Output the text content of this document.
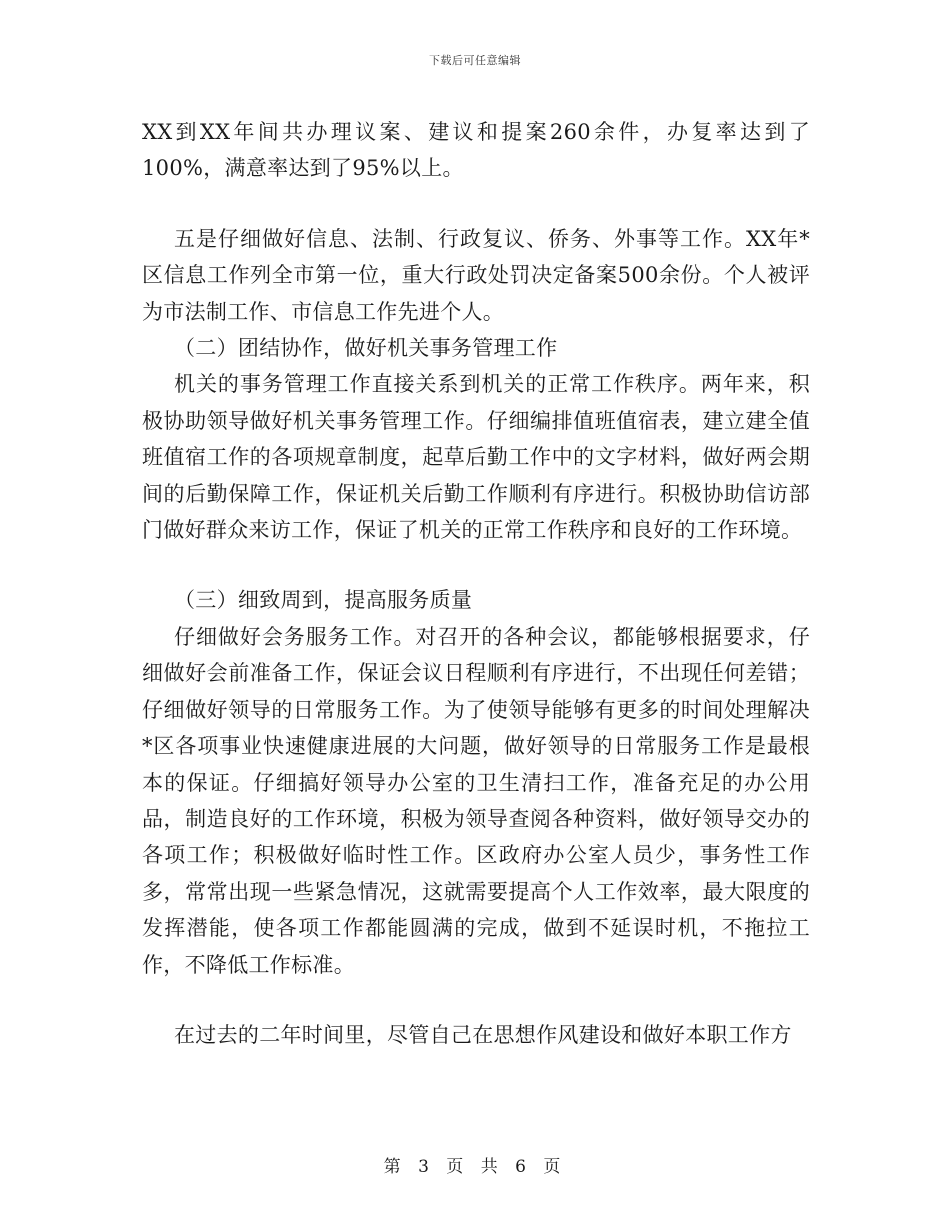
下载后可任意编辑

XX到XX年间共办理议案、建议和提案260余件，办复率达到了100%，满意率达到了95%以上。

五是仔细做好信息、法制、行政复议、侨务、外事等工作。XX年*区信息工作列全市第一位，重大行政处罚决定备案500余份。个人被评为市法制工作、市信息工作先进个人。

（二）团结协作，做好机关事务管理工作

机关的事务管理工作直接关系到机关的正常工作秩序。两年来，积极协助领导做好机关事务管理工作。仔细编排值班值宿表，建立建全值班值宿工作的各项规章制度，起草后勤工作中的文字材料，做好两会期间的后勤保障工作，保证机关后勤工作顺利有序进行。积极协助信访部门做好群众来访工作，保证了机关的正常工作秩序和良好的工作环境。

（三）细致周到，提高服务质量

仔细做好会务服务工作。对召开的各种会议，都能够根据要求，仔细做好会前准备工作，保证会议日程顺利有序进行，不出现任何差错；仔细做好领导的日常服务工作。为了使领导能够有更多的时间处理解决*区各项事业快速健康进展的大问题，做好领导的日常服务工作是最根本的保证。仔细搞好领导办公室的卫生清扫工作，准备充足的办公用品，制造良好的工作环境，积极为领导查阅各种资料，做好领导交办的各项工作；积极做好临时性工作。区政府办公室人员少，事务性工作多，常常出现一些紧急情况，这就需要提高个人工作效率，最大限度的发挥潜能，使各项工作都能圆满的完成，做到不延误时机，不拖拉工作，不降低工作标准。

在过去的二年时间里，尽管自己在思想作风建设和做好本职工作方

第 3 页 共 6 页
